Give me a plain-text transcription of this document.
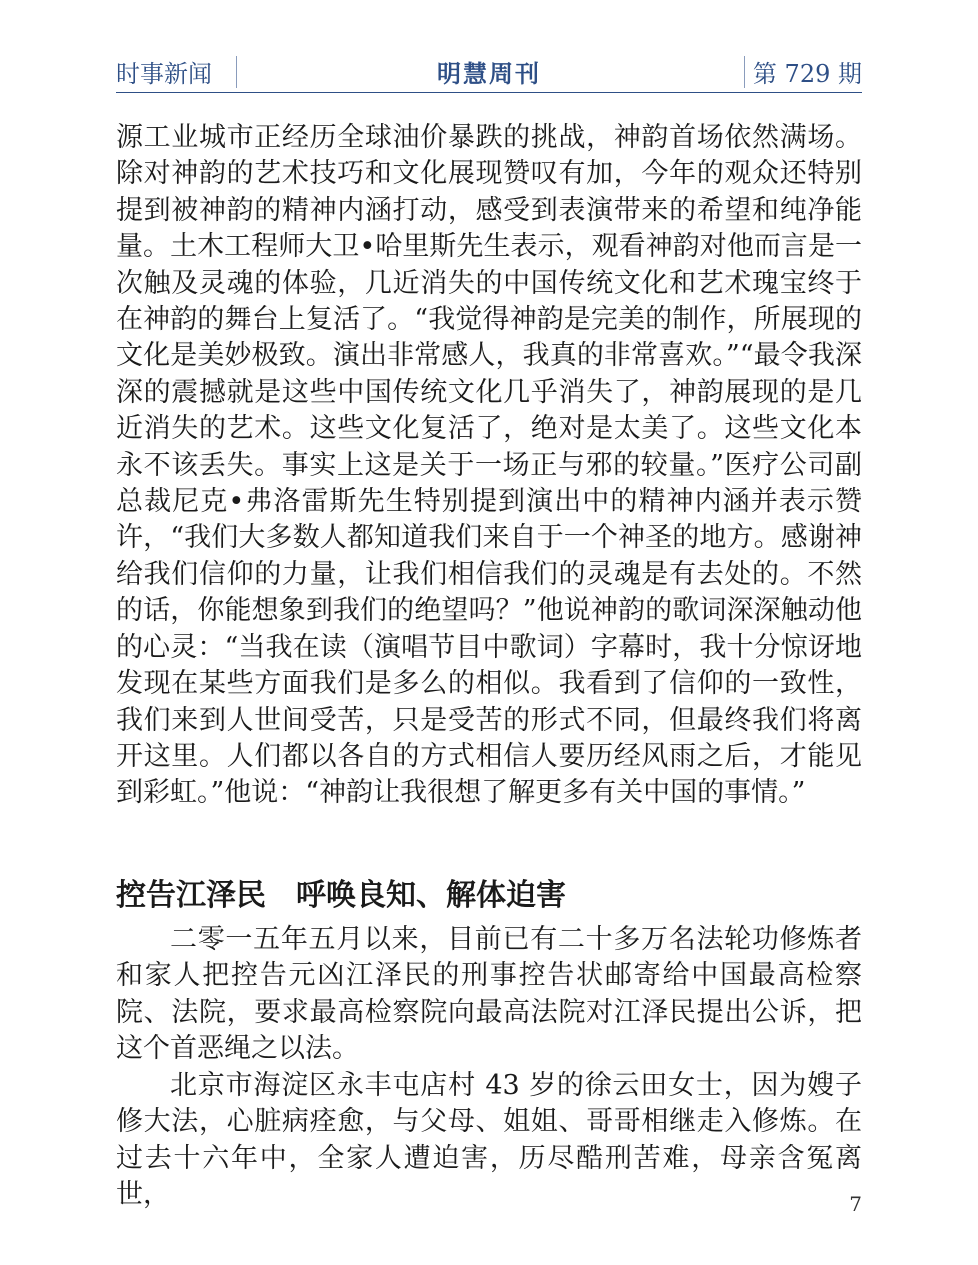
时事新闻	明慧周刊	第 729 期

源工业城市正经历全球油价暴跌的挑战，神韵首场依然满场。除对神韵的艺术技巧和文化展现赞叹有加，今年的观众还特别提到被神韵的精神内涵打动，感受到表演带来的希望和纯净能量。土木工程师大卫•哈里斯先生表示，观看神韵对他而言是一次触及灵魂的体验，几近消失的中国传统文化和艺术瑰宝终于在神韵的舞台上复活了。“我觉得神韵是完美的制作，所展现的文化是美妙极致。演出非常感人，我真的非常喜欢。”“最令我深深的震撼就是这些中国传统文化几乎消失了，神韵展现的是几近消失的艺术。这些文化复活了，绝对是太美了。这些文化本永不该丢失。事实上这是关于一场正与邪的较量。”医疗公司副总裁尼克•弗洛雷斯先生特别提到演出中的精神内涵并表示赞许，“我们大多数人都知道我们来自于一个神圣的地方。感谢神给我们信仰的力量，让我们相信我们的灵魂是有去处的。不然的话，你能想象到我们的绝望吗？”他说神韵的歌词深深触动他的心灵：“当我在读（演唱节目中歌词）字幕时，我十分惊讶地发现在某些方面我们是多么的相似。我看到了信仰的一致性，我们来到人世间受苦，只是受苦的形式不同，但最终我们将离开这里。人们都以各自的方式相信人要历经风雨之后，才能见到彩虹。”他说：“神韵让我很想了解更多有关中国的事情。”

控告江泽民　呼唤良知、解体迫害

二零一五年五月以来，目前已有二十多万名法轮功修炼者和家人把控告元凶江泽民的刑事控告状邮寄给中国最高检察院、法院，要求最高检察院向最高法院对江泽民提出公诉，把这个首恶绳之以法。

北京市海淀区永丰屯店村 43 岁的徐云田女士，因为嫂子修大法，心脏病痊愈，与父母、姐姐、哥哥相继走入修炼。在过去十六年中，全家人遭迫害，历尽酷刑苦难，母亲含冤离世，	7
